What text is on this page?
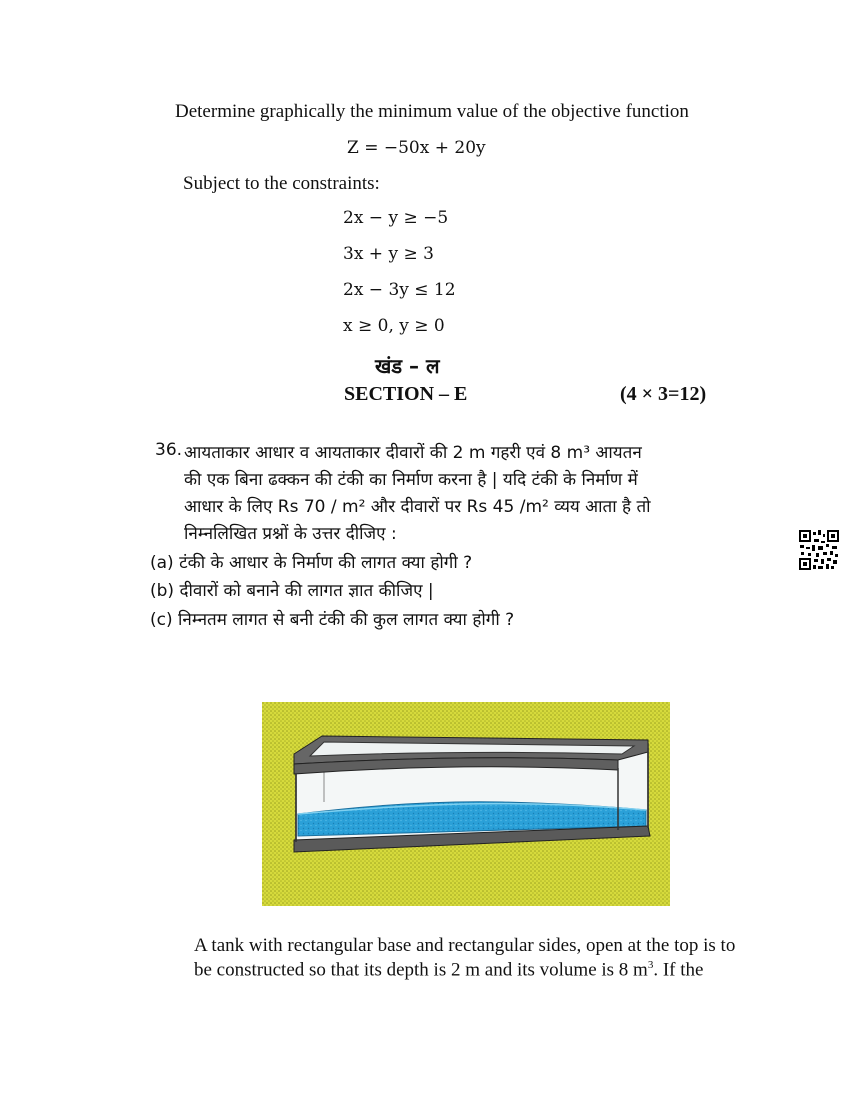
Determine graphically the minimum value of the objective function
Z = −50x + 20y
Subject to the constraints:
2x − y ≥ −5
3x + y ≥ 3
2x − 3y ≤ 12
x ≥ 0, y ≥ 0
खंड – ल
SECTION – E	(4 × 3=12)
36. आयताकार आधार व आयताकार दीवारों की 2 m गहरी एवं 8 m³ आयतन
की एक बिना ढक्कन की टंकी का निर्माण करना है | यदि टंकी के निर्माण में
आधार के लिए Rs 70 / m² और दीवारों पर Rs 45 /m² व्यय आता है तो
निम्नलिखित प्रश्नों के उत्तर दीजिए :
(a) टंकी के आधार के निर्माण की लागत क्या होगी ?
(b) दीवारों को बनाने की लागत ज्ञात कीजिए |
(c) निम्नतम लागत से बनी टंकी की कुल लागत क्या होगी ?
A tank with rectangular base and rectangular sides, open at the top is to
be constructed so that its depth is 2 m and its volume is 8 $m^3$. If the
